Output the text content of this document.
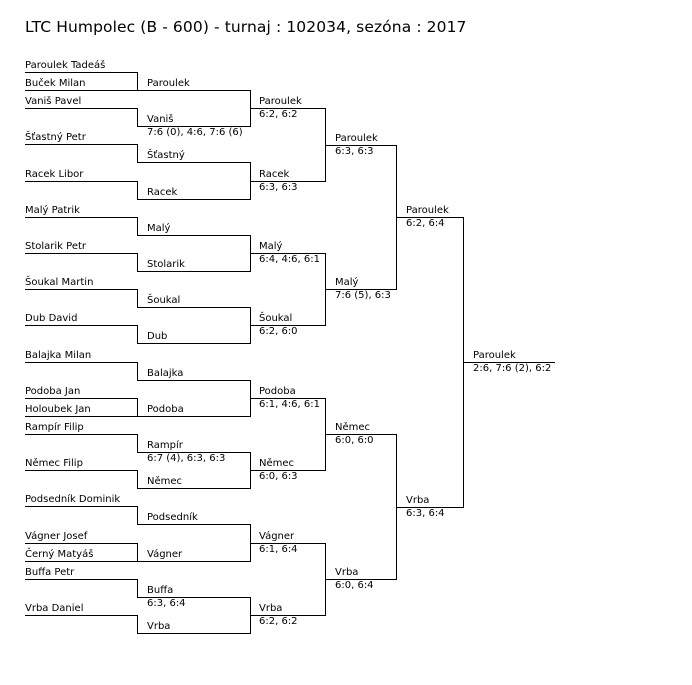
LTC Humpolec (B - 600) - turnaj : 102034, sezóna : 2017
Paroulek Tadeáš
Buček Milan
Vaniš Pavel
Šťastný Petr
Racek Libor
Malý Patrik
Stolarik Petr
Šoukal Martin
Dub David
Balajka Milan
Podoba Jan
Holoubek Jan
Rampír Filip
Němec Filip
Podsedník Dominik
Vágner Josef
Černý Matyáš
Buffa Petr
Vrba Daniel
Paroulek
Vaniš
7:6 (0), 4:6, 7:6 (6)
Šťastný
Racek
Malý
Stolarik
Šoukal
Dub
Balajka
Podoba
Rampír
6:7 (4), 6:3, 6:3
Němec
Podsedník
Vágner
Buffa
6:3, 6:4
Vrba
Paroulek
6:2, 6:2
Racek
6:3, 6:3
Malý
6:4, 4:6, 6:1
Šoukal
6:2, 6:0
Podoba
6:1, 4:6, 6:1
Němec
6:0, 6:3
Vágner
6:1, 6:4
Vrba
6:2, 6:2
Paroulek
6:3, 6:3
Malý
7:6 (5), 6:3
Němec
6:0, 6:0
Vrba
6:0, 6:4
Paroulek
6:2, 6:4
Vrba
6:3, 6:4
Paroulek
2:6, 7:6 (2), 6:2
